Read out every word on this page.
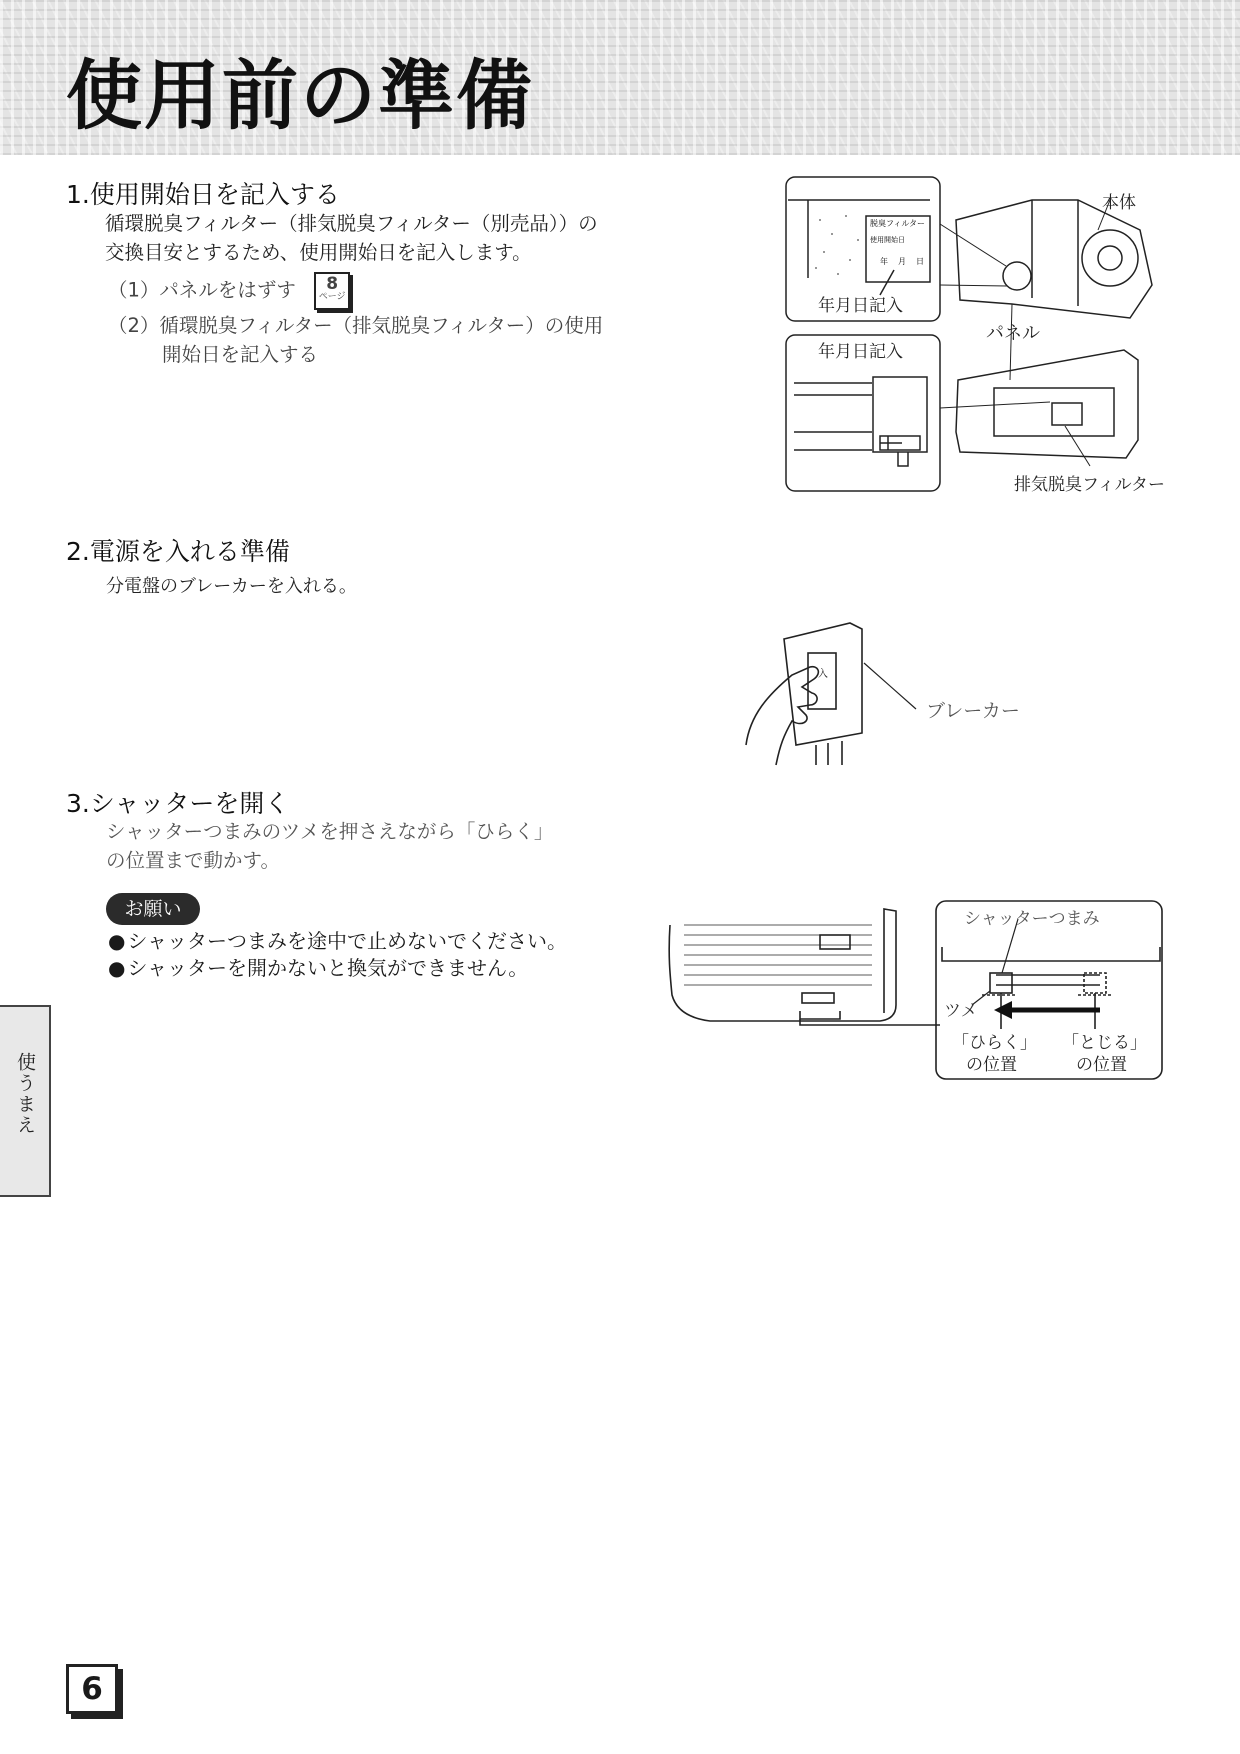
使用前の準備
1.使用開始日を記入する
循環脱臭フィルター（排気脱臭フィルター（別売品））の
交換目安とするため、使用開始日を記入します。
（1）パネルをはずす	8
ページ
（2）循環脱臭フィルター（排気脱臭フィルター）の使用
開始日を記入する
脱臭フィルター
使用開始日
年 月 日
年月日記入
本体
年月日記入
パネル
排気脱臭フィルター
2.電源を入れる準備
分電盤のブレーカーを入れる。
入
ブレーカー
3.シャッターを開く
シャッターつまみのツメを押さえながら「ひらく」
の位置まで動かす。
お願い
● シャッターつまみを途中で止めないでください。
● シャッターを開かないと換気ができません。
シャッターつまみ
ツメ
「ひらく」
の位置
「とじる」
の位置

使うまえ

6
